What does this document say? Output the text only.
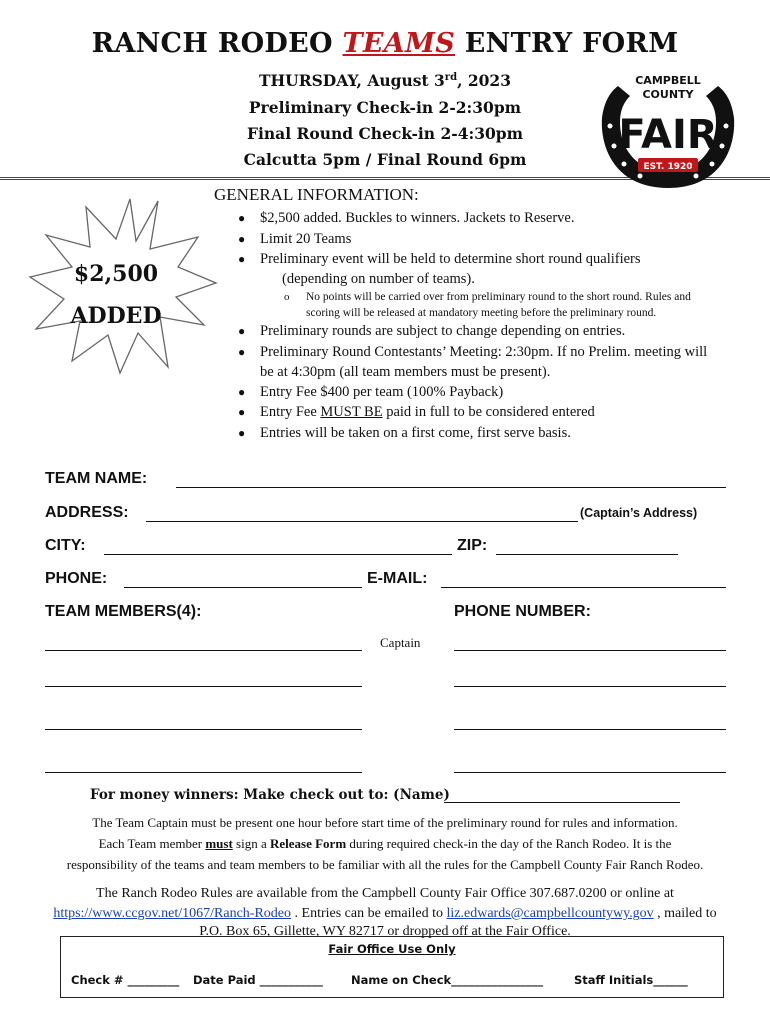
RANCH RODEO TEAMS ENTRY FORM
THURSDAY, August 3rd, 2023
Preliminary Check-in 2-2:30pm
Final Round Check-in 2-4:30pm
Calcutta 5pm / Final Round 6pm
CAMPBELL
COUNTY
FAIR
EST. 1920
$2,500
ADDED
GENERAL INFORMATION:
● $2,500 added. Buckles to winners. Jackets to Reserve.
● Limit 20 Teams
● Preliminary event will be held to determine short round qualifiers
(depending on number of teams).
o No points will be carried over from preliminary round to the short round. Rules and
scoring will be released at mandatory meeting before the preliminary round.
● Preliminary rounds are subject to change depending on entries.
● Preliminary Round Contestants’ Meeting: 2:30pm. If no Prelim. meeting will
be at 4:30pm (all team members must be present).
● Entry Fee $400 per team (100% Payback)
● Entry Fee MUST BE paid in full to be considered entered
● Entries will be taken on a first come, first serve basis.
TEAM NAME:
ADDRESS:	(Captain’s Address)
CITY:	ZIP:
PHONE:	E-MAIL:
TEAM MEMBERS(4):	PHONE NUMBER:
Captain
For money winners: Make check out to: (Name)
The Team Captain must be present one hour before start time of the preliminary round for rules and information.
Each Team member must sign a Release Form during required check-in the day of the Ranch Rodeo. It is the
responsibility of the teams and team members to be familiar with all the rules for the Campbell County Fair Ranch Rodeo.
The Ranch Rodeo Rules are available from the Campbell County Fair Office 307.687.0200 or online at
https://www.ccgov.net/1067/Ranch-Rodeo . Entries can be emailed to liz.edwards@campbellcountywy.gov , mailed to
P.O. Box 65, Gillette, WY 82717 or dropped off at the Fair Office.
Fair Office Use Only
Check # _________ Date Paid ___________ Name on Check________________	Staff Initials______
